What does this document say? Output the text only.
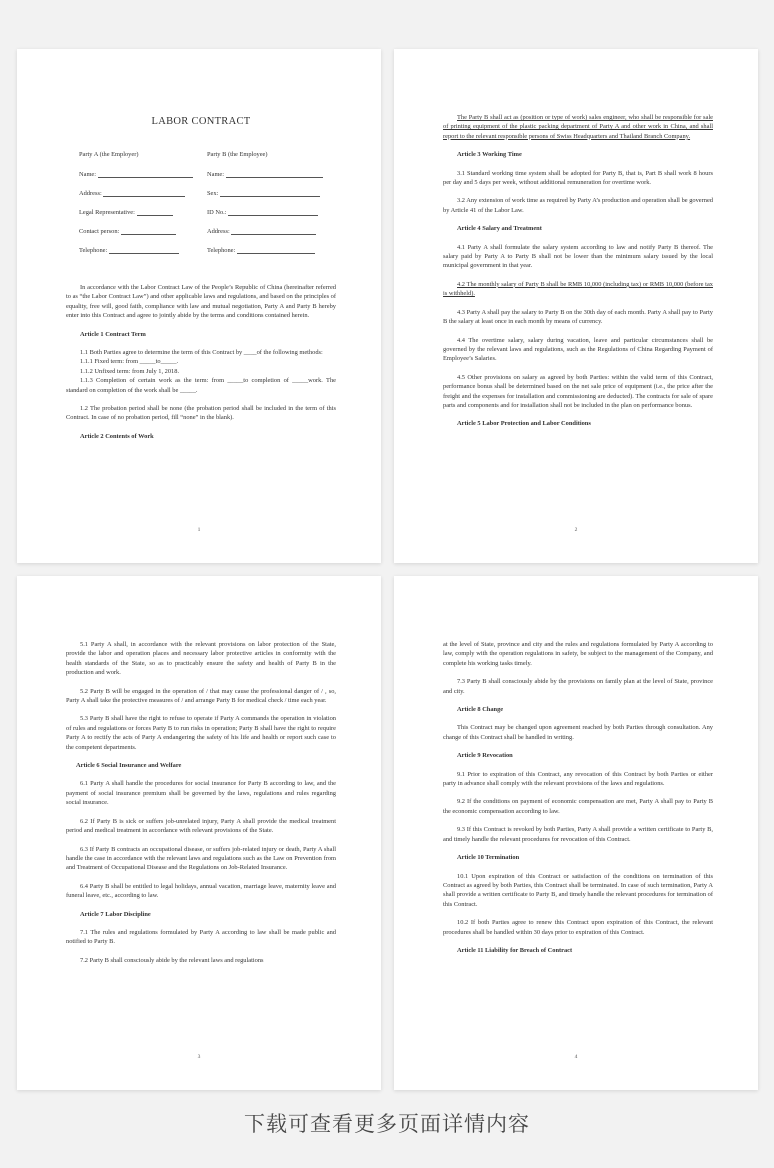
LABOR CONTRACT
Party A (the Employer)	Party B (the Employee)
Name:	Name:
Address:	Sex:
Legal Representative:	ID No.:
Contact person:	Address:
Telephone:	Telephone:

In accordance with the Labor Contract Law of the People’s Republic of China (hereinafter referred to as “the Labor Contract Law”) and other applicable laws and regulations, and based on the principles of equality, free will, good faith, compliance with law and mutual negotiation, Party A and Party B hereby enter into this Contract and agree to jointly abide by the terms and conditions contained herein.

Article 1 Contract Term

1.1 Both Parties agree to determine the term of this Contract by ____of the following methods:

1.1.1 Fixed term: from _____to_____.

1.1.2 Unfixed term: from July 1, 2018.

1.1.3 Completion of certain work as the term: from _____to completion of _____work. The standard on completion of the work shall be _____.

1.2 The probation period shall be none (the probation period shall be included in the term of this Contract. In case of no probation period, fill “none” in the blank).

Article 2 Contents of Work

1

The Party B shall act as (position or type of work) sales engineer, who shall be responsible for sale of printing equipment of the plastic packing department of Party A and other work in China, and shall report to the relevant responsible persons of Swiss Headquarters and Thailand Branch Company.

Article 3 Working Time

3.1 Standard working time system shall be adopted for Party B, that is, Part B shall work 8 hours per day and 5 days per week, without additional remuneration for overtime work.

3.2 Any extension of work time as required by Party A’s production and operation shall be governed by Article 41 of the Labor Law.

Article 4 Salary and Treatment

4.1 Party A shall formulate the salary system according to law and notify Party B thereof. The salary paid by Party A to Party B shall not be lower than the minimum salary issued by the local municipal government in that year.

4.2 The monthly salary of Party B shall be RMB 10,000 (including tax) or RMB 10,000 (before tax is withheld).

4.3 Party A shall pay the salary to Party B on the 30th day of each month. Party A shall pay to Party B the salary at least once in each month by means of currency.

4.4 The overtime salary, salary during vacation, leave and particular circumstances shall be governed by the relevant laws and regulations, such as the Regulations of China Regarding Payment of Employee’s Salaries.

4.5 Other provisions on salary as agreed by both Parties: within the valid term of this Contract, performance bonus shall be determined based on the net sale price of equipment (i.e., the price after the freight and the expenses for installation and commissioning are deducted). The contracts for sale of spare parts and components and for installation shall not be included in the plan on performance bonus.

Article 5 Labor Protection and Labor Conditions

2

5.1 Party A shall, in accordance with the relevant provisions on labor protection of the State, provide the labor and operation places and necessary labor protective articles in conformity with the health standards of the State, so as to practicably ensure the safety and health of Party B in the production and work.

5.2 Party B will be engaged in the operation of / that may cause the professional danger of / , so, Party A shall take the protective measures of / and arrange Party B for medical check / time each year.

5.3 Party B shall have the right to refuse to operate if Party A commands the operation in violation of rules and regulations or forces Party B to run risks in operation; Party B shall have the right to require Party A to rectify the acts of Party A endangering the safety of his life and health or report such case to the competent departments.

Article 6 Social Insurance and Welfare

6.1 Party A shall handle the procedures for social insurance for Party B according to law, and the payment of social insurance premium shall be governed by the laws, regulations and rules regarding social insurance.

6.2 If Party B is sick or suffers job-unrelated injury, Party A shall provide the medical treatment period and medical treatment in accordance with relevant provisions of the State.

6.3 If Party B contracts an occupational disease, or suffers job-related injury or death, Party A shall handle the case in accordance with the relevant laws and regulations such as the Law on Prevention from and Treatment of Occupational Disease and the Regulations on Job-Related Insurance.

6.4 Party B shall be entitled to legal holidays, annual vacation, marriage leave, maternity leave and funeral leave, etc., according to law.

Article 7 Labor Discipline

7.1 The rules and regulations formulated by Party A according to law shall be made public and notified to Party B.

7.2 Party B shall consciously abide by the relevant laws and regulations

3

at the level of State, province and city and the rules and regulations formulated by Party A according to law, comply with the operation regulations in safety, be subject to the management of the Company, and complete his working tasks timely.

7.3 Party B shall consciously abide by the provisions on family plan at the level of State, province and city.

Article 8 Change

This Contract may be changed upon agreement reached by both Parties through consultation. Any change of this Contract shall be handled in writing.

Article 9 Revocation

9.1 Prior to expiration of this Contract, any revocation of this Contract by both Parties or either party in advance shall comply with the relevant provisions of the laws and regulations.

9.2 If the conditions on payment of economic compensation are met, Party A shall pay to Party B the economic compensation according to law.

9.3 If this Contract is revoked by both Parties, Party A shall provide a written certificate to Party B, and timely handle the relevant procedures for revocation of this Contract.

Article 10 Termination

10.1 Upon expiration of this Contract or satisfaction of the conditions on termination of this Contract as agreed by both Parties, this Contract shall be terminated. In case of such termination, Party A shall provide a written certificate to Party B, and timely handle the relevant procedures for termination of this Contract.

10.2 If both Parties agree to renew this Contract upon expiration of this Contract, the relevant procedures shall be handled within 30 days prior to expiration of this Contract.

Article 11 Liability for Breach of Contract

4
下载可查看更多页面详情内容
